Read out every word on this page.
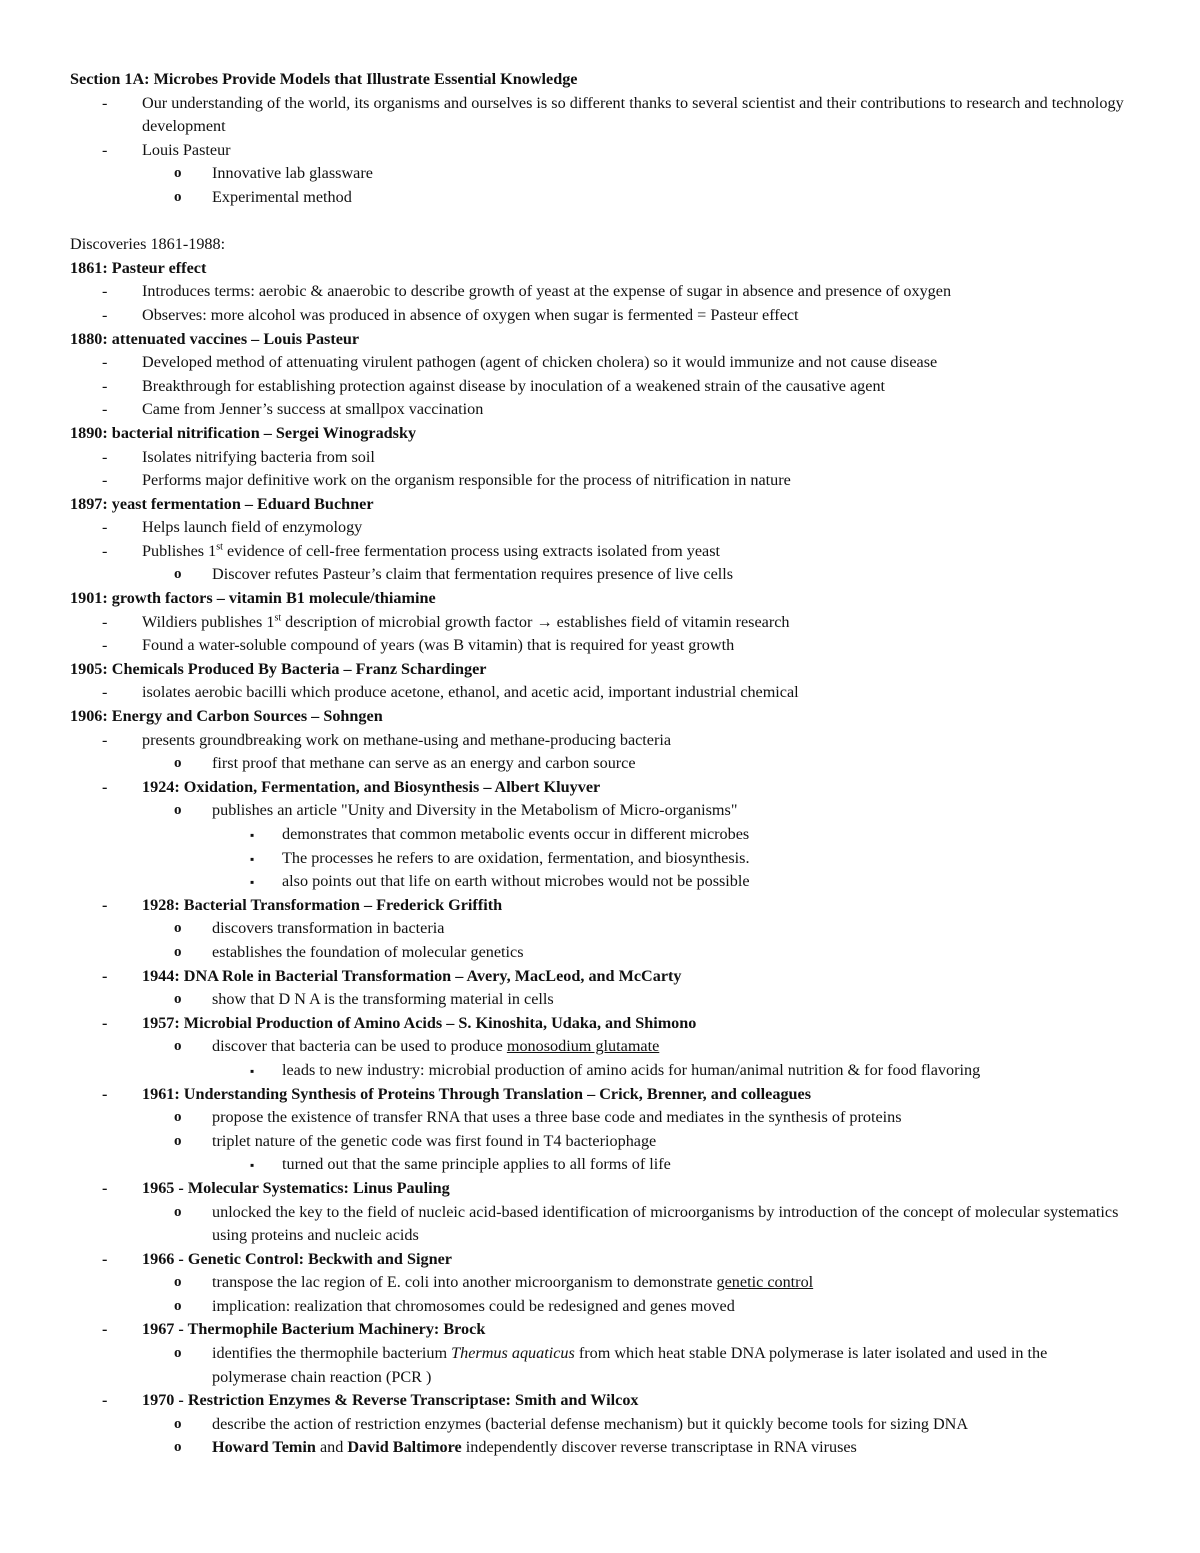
Section 1A: Microbes Provide Models that Illustrate Essential Knowledge
- Our understanding of the world, its organisms and ourselves is so different thanks to several scientist and their contributions to research and technology development
- Louis Pasteur
o Innovative lab glassware
o Experimental method
Discoveries 1861-1988:
1861: Pasteur effect
- Introduces terms: aerobic & anaerobic to describe growth of yeast at the expense of sugar in absence and presence of oxygen
- Observes: more alcohol was produced in absence of oxygen when sugar is fermented = Pasteur effect
1880: attenuated vaccines – Louis Pasteur
- Developed method of attenuating virulent pathogen (agent of chicken cholera) so it would immunize and not cause disease
- Breakthrough for establishing protection against disease by inoculation of a weakened strain of the causative agent
- Came from Jenner’s success at smallpox vaccination
1890: bacterial nitrification – Sergei Winogradsky
- Isolates nitrifying bacteria from soil
- Performs major definitive work on the organism responsible for the process of nitrification in nature
1897: yeast fermentation – Eduard Buchner
- Helps launch field of enzymology
- Publishes 1st evidence of cell-free fermentation process using extracts isolated from yeast
o Discover refutes Pasteur’s claim that fermentation requires presence of live cells
1901: growth factors – vitamin B1 molecule/thiamine
- Wildiers publishes 1st description of microbial growth factor → establishes field of vitamin research
- Found a water-soluble compound of years (was B vitamin) that is required for yeast growth
1905: Chemicals Produced By Bacteria – Franz Schardinger
- isolates aerobic bacilli which produce acetone, ethanol, and acetic acid, important industrial chemical
1906: Energy and Carbon Sources – Sohngen
- presents groundbreaking work on methane-using and methane-producing bacteria
o first proof that methane can serve as an energy and carbon source
- 1924: Oxidation, Fermentation, and Biosynthesis – Albert Kluyver
o publishes an article "Unity and Diversity in the Metabolism of Micro-organisms"
▪ demonstrates that common metabolic events occur in different microbes
▪ The processes he refers to are oxidation, fermentation, and biosynthesis.
▪ also points out that life on earth without microbes would not be possible
- 1928: Bacterial Transformation – Frederick Griffith
o discovers transformation in bacteria
o establishes the foundation of molecular genetics
- 1944: DNA Role in Bacterial Transformation – Avery, MacLeod, and McCarty
o show that D N A is the transforming material in cells
- 1957: Microbial Production of Amino Acids – S. Kinoshita, Udaka, and Shimono
o discover that bacteria can be used to produce monosodium glutamate
▪ leads to new industry: microbial production of amino acids for human/animal nutrition & for food flavoring
- 1961: Understanding Synthesis of Proteins Through Translation – Crick, Brenner, and colleagues
o propose the existence of transfer RNA that uses a three base code and mediates in the synthesis of proteins
o triplet nature of the genetic code was first found in T4 bacteriophage
▪ turned out that the same principle applies to all forms of life
- 1965 - Molecular Systematics: Linus Pauling
o unlocked the key to the field of nucleic acid-based identification of microorganisms by introduction of the concept of molecular systematics using proteins and nucleic acids
- 1966 - Genetic Control: Beckwith and Signer
o transpose the lac region of E. coli into another microorganism to demonstrate genetic control
o implication: realization that chromosomes could be redesigned and genes moved
- 1967 - Thermophile Bacterium Machinery: Brock
o identifies the thermophile bacterium Thermus aquaticus from which heat stable DNA polymerase is later isolated and used in the polymerase chain reaction (PCR )
- 1970 - Restriction Enzymes & Reverse Transcriptase: Smith and Wilcox
o describe the action of restriction enzymes (bacterial defense mechanism) but it quickly become tools for sizing DNA
o Howard Temin and David Baltimore independently discover reverse transcriptase in RNA viruses
